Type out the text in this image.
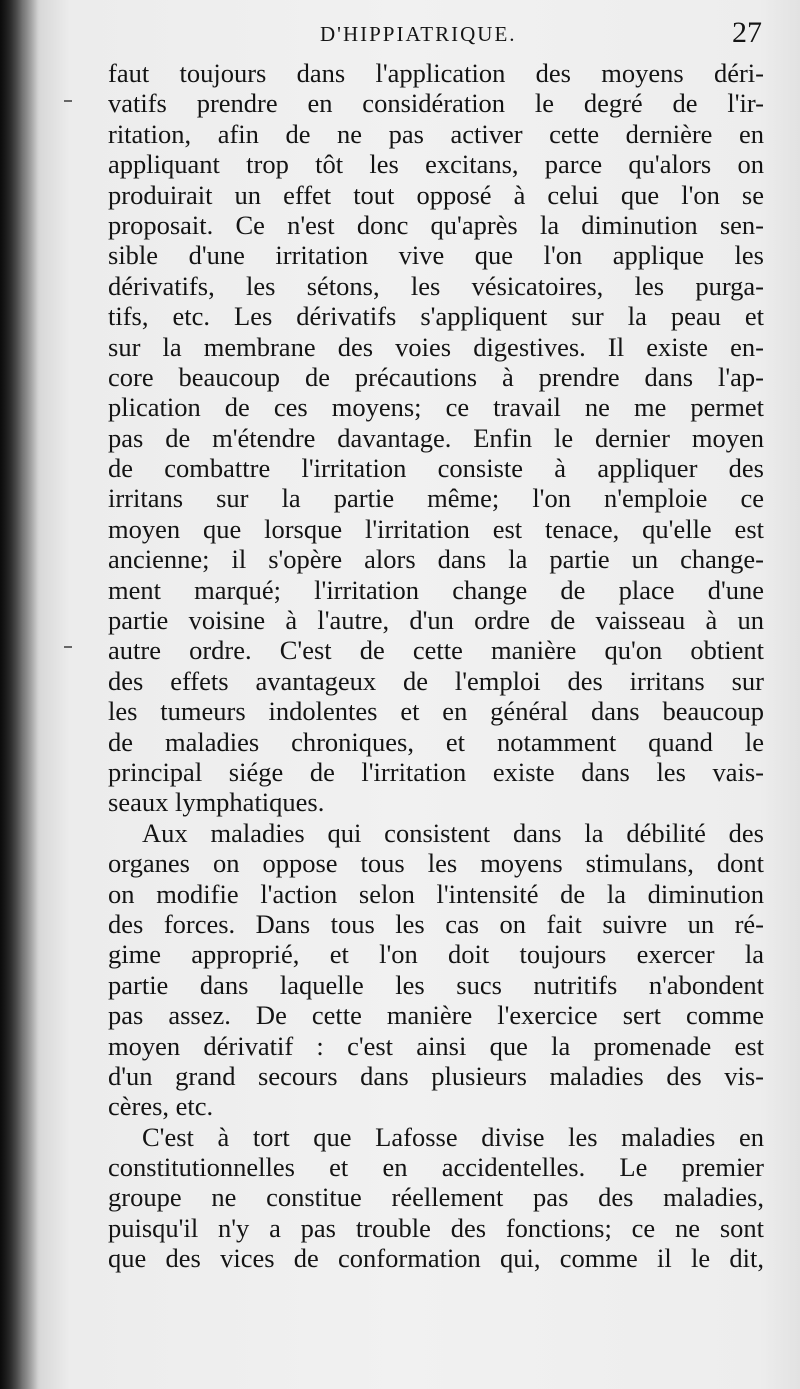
D'HIPPIATRIQUE.	27
faut toujours dans l'application des moyens déri-
vatifs prendre en considération le degré de l'ir-
ritation, afin de ne pas activer cette dernière en
appliquant trop tôt les excitans, parce qu'alors on
produirait un effet tout opposé à celui que l'on se
proposait. Ce n'est donc qu'après la diminution sen-
sible d'une irritation vive que l'on applique les
dérivatifs, les sétons, les vésicatoires, les purga-
tifs, etc. Les dérivatifs s'appliquent sur la peau et
sur la membrane des voies digestives. Il existe en-
core beaucoup de précautions à prendre dans l'ap-
plication de ces moyens; ce travail ne me permet
pas de m'étendre davantage. Enfin le dernier moyen
de combattre l'irritation consiste à appliquer des
irritans sur la partie même; l'on n'emploie ce
moyen que lorsque l'irritation est tenace, qu'elle est
ancienne; il s'opère alors dans la partie un change-
ment marqué; l'irritation change de place d'une
partie voisine à l'autre, d'un ordre de vaisseau à un
autre ordre. C'est de cette manière qu'on obtient
des effets avantageux de l'emploi des irritans sur
les tumeurs indolentes et en général dans beaucoup
de maladies chroniques, et notamment quand le
principal siége de l'irritation existe dans les vais-
seaux lymphatiques.
Aux maladies qui consistent dans la débilité des
organes on oppose tous les moyens stimulans, dont
on modifie l'action selon l'intensité de la diminution
des forces. Dans tous les cas on fait suivre un ré-
gime approprié, et l'on doit toujours exercer la
partie dans laquelle les sucs nutritifs n'abondent
pas assez. De cette manière l'exercice sert comme
moyen dérivatif : c'est ainsi que la promenade est
d'un grand secours dans plusieurs maladies des vis-
cères, etc.
C'est à tort que Lafosse divise les maladies en
constitutionnelles et en accidentelles. Le premier
groupe ne constitue réellement pas des maladies,
puisqu'il n'y a pas trouble des fonctions; ce ne sont
que des vices de conformation qui, comme il le dit,
